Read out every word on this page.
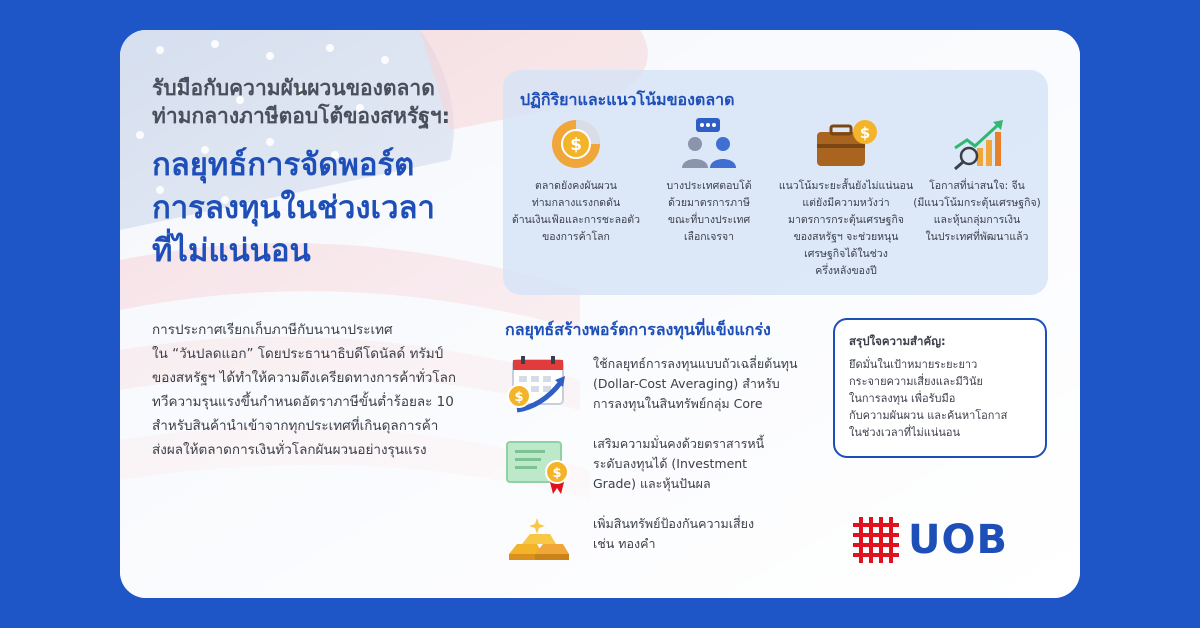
รับมือกับความผันผวนของตลาด
ท่ามกลางภาษีตอบโต้ของสหรัฐฯ:
กลยุทธ์การจัดพอร์ต
การลงทุนในช่วงเวลา
ที่ไม่แน่นอน
การประกาศเรียกเก็บภาษีกับนานาประเทศ
ใน “วันปลดแอก” โดยประธานาธิบดีโดนัลด์ ทรัมป์
ของสหรัฐฯ ได้ทำให้ความตึงเครียดทางการค้าทั่วโลก
ทวีความรุนแรงขึ้นกำหนดอัตราภาษีขั้นต่ำร้อยละ 10
สำหรับสินค้านำเข้าจากทุกประเทศที่เกินดุลการค้า
ส่งผลให้ตลาดการเงินทั่วโลกผันผวนอย่างรุนแรง
ปฏิกิริยาและแนวโน้มของตลาด
$
ตลาดยังคงผันผวน
ท่ามกลางแรงกดดัน
ด้านเงินเฟ้อและการชะลอตัว
ของการค้าโลก
บางประเทศตอบโต้
ด้วยมาตรการภาษี
ขณะที่บางประเทศ
เลือกเจรจา
$
แนวโน้มระยะสั้นยังไม่แน่นอน
แต่ยังมีความหวังว่า
มาตรการกระตุ้นเศรษฐกิจ
ของสหรัฐฯ จะช่วยหนุน
เศรษฐกิจได้ในช่วง
ครึ่งหลังของปี
โอกาสที่น่าสนใจ: จีน
(มีแนวโน้มกระตุ้นเศรษฐกิจ)
และหุ้นกลุ่มการเงิน
ในประเทศที่พัฒนาแล้ว
กลยุทธ์สร้างพอร์ตการลงทุนที่แข็งแกร่ง
$
ใช้กลยุทธ์การลงทุนแบบถัวเฉลี่ยต้นทุน
(Dollar-Cost Averaging) สำหรับ
การลงทุนในสินทรัพย์กลุ่ม Core
$
เสริมความมั่นคงด้วยตราสารหนี้
ระดับลงทุนได้ (Investment
Grade) และหุ้นปันผล
เพิ่มสินทรัพย์ป้องกันความเสี่ยง
เช่น ทองคำ
สรุปใจความสำคัญ:
ยึดมั่นในเป้าหมายระยะยาว
กระจายความเสี่ยงและมีวินัย
ในการลงทุน เพื่อรับมือ
กับความผันผวน และค้นหาโอกาส
ในช่วงเวลาที่ไม่แน่นอน
UOB
